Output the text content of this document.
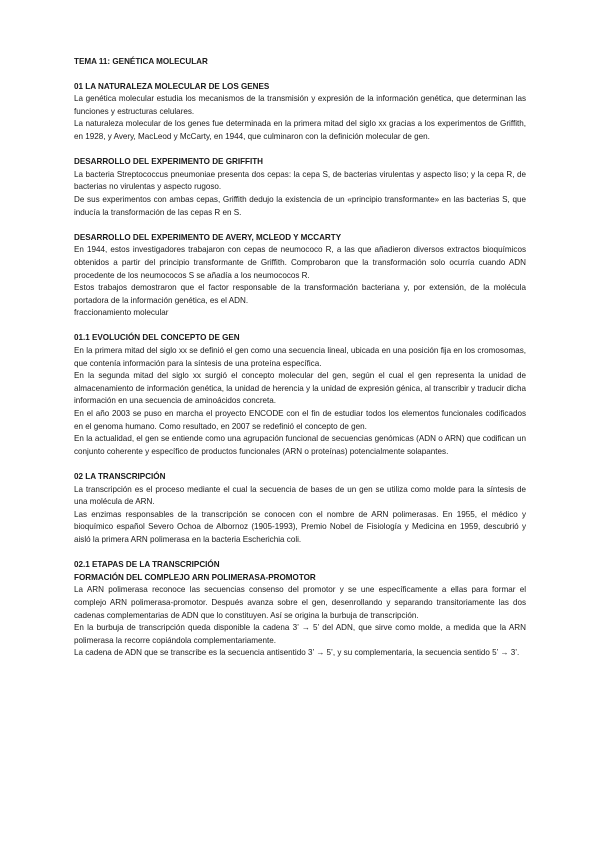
TEMA 11: GENÉTICA MOLECULAR

01 LA NATURALEZA MOLECULAR DE LOS GENES

La genética molecular estudia los mecanismos de la transmisión y expresión de la información genética, que determinan las funciones y estructuras celulares.

La naturaleza molecular de los genes fue determinada en la primera mitad del siglo xx gracias a los experimentos de Griffith, en 1928, y Avery, MacLeod y McCarty, en 1944, que culminaron con la definición molecular de gen.

DESARROLLO DEL EXPERIMENTO DE GRIFFITH

La bacteria Streptococcus pneumoniae presenta dos cepas: la cepa S, de bacterias virulentas y aspecto liso; y la cepa R, de bacterias no virulentas y aspecto rugoso.

De sus experimentos con ambas cepas, Griffith dedujo la existencia de un «principio transformante» en las bacterias S, que inducía la transformación de las cepas R en S.

DESARROLLO DEL EXPERIMENTO DE AVERY, MCLEOD Y MCCARTY

En 1944, estos investigadores trabajaron con cepas de neumococo R, a las que añadieron diversos extractos bioquímicos obtenidos a partir del principio transformante de Griffith. Comprobaron que la transformación solo ocurría cuando ADN procedente de los neumococos S se añadía a los neumococos R.

Estos trabajos demostraron que el factor responsable de la transformación bacteriana y, por extensión, de la molécula portadora de la información genética, es el ADN.

fraccionamiento molecular

01.1 EVOLUCIÓN DEL CONCEPTO DE GEN

En la primera mitad del siglo xx se definió el gen como una secuencia lineal, ubicada en una posición fija en los cromosomas, que contenía información para la síntesis de una proteína específica.

En la segunda mitad del siglo xx surgió el concepto molecular del gen, según el cual el gen representa la unidad de almacenamiento de información genética, la unidad de herencia y la unidad de expresión génica, al transcribir y traducir dicha información en una secuencia de aminoácidos concreta.

En el año 2003 se puso en marcha el proyecto ENCODE con el fin de estudiar todos los elementos funcionales codificados en el genoma humano. Como resultado, en 2007 se redefinió el concepto de gen.

En la actualidad, el gen se entiende como una agrupación funcional de secuencias genómicas (ADN o ARN) que codifican un conjunto coherente y específico de productos funcionales (ARN o proteínas) potencialmente solapantes.

02 LA TRANSCRIPCIÓN

La transcripción es el proceso mediante el cual la secuencia de bases de un gen se utiliza como molde para la síntesis de una molécula de ARN.

Las enzimas responsables de la transcripción se conocen con el nombre de ARN polimerasas. En 1955, el médico y bioquímico español Severo Ochoa de Albornoz (1905-1993), Premio Nobel de Fisiología y Medicina en 1959, descubrió y aisló la primera ARN polimerasa en la bacteria Escherichia coli.

02.1 ETAPAS DE LA TRANSCRIPCIÓN

FORMACIÓN DEL COMPLEJO ARN POLIMERASA-PROMOTOR

La ARN polimerasa reconoce las secuencias consenso del promotor y se une específicamente a ellas para formar el complejo ARN polimerasa-promotor. Después avanza sobre el gen, desenrollando y separando transitoriamente las dos cadenas complementarias de ADN que lo constituyen. Así se origina la burbuja de transcripción.

En la burbuja de transcripción queda disponible la cadena 3’ → 5’ del ADN, que sirve como molde, a medida que la ARN polimerasa la recorre copiándola complementariamente.

La cadena de ADN que se transcribe es la secuencia antisentido 3’ → 5’, y su complementaria, la secuencia sentido 5’ → 3’.
